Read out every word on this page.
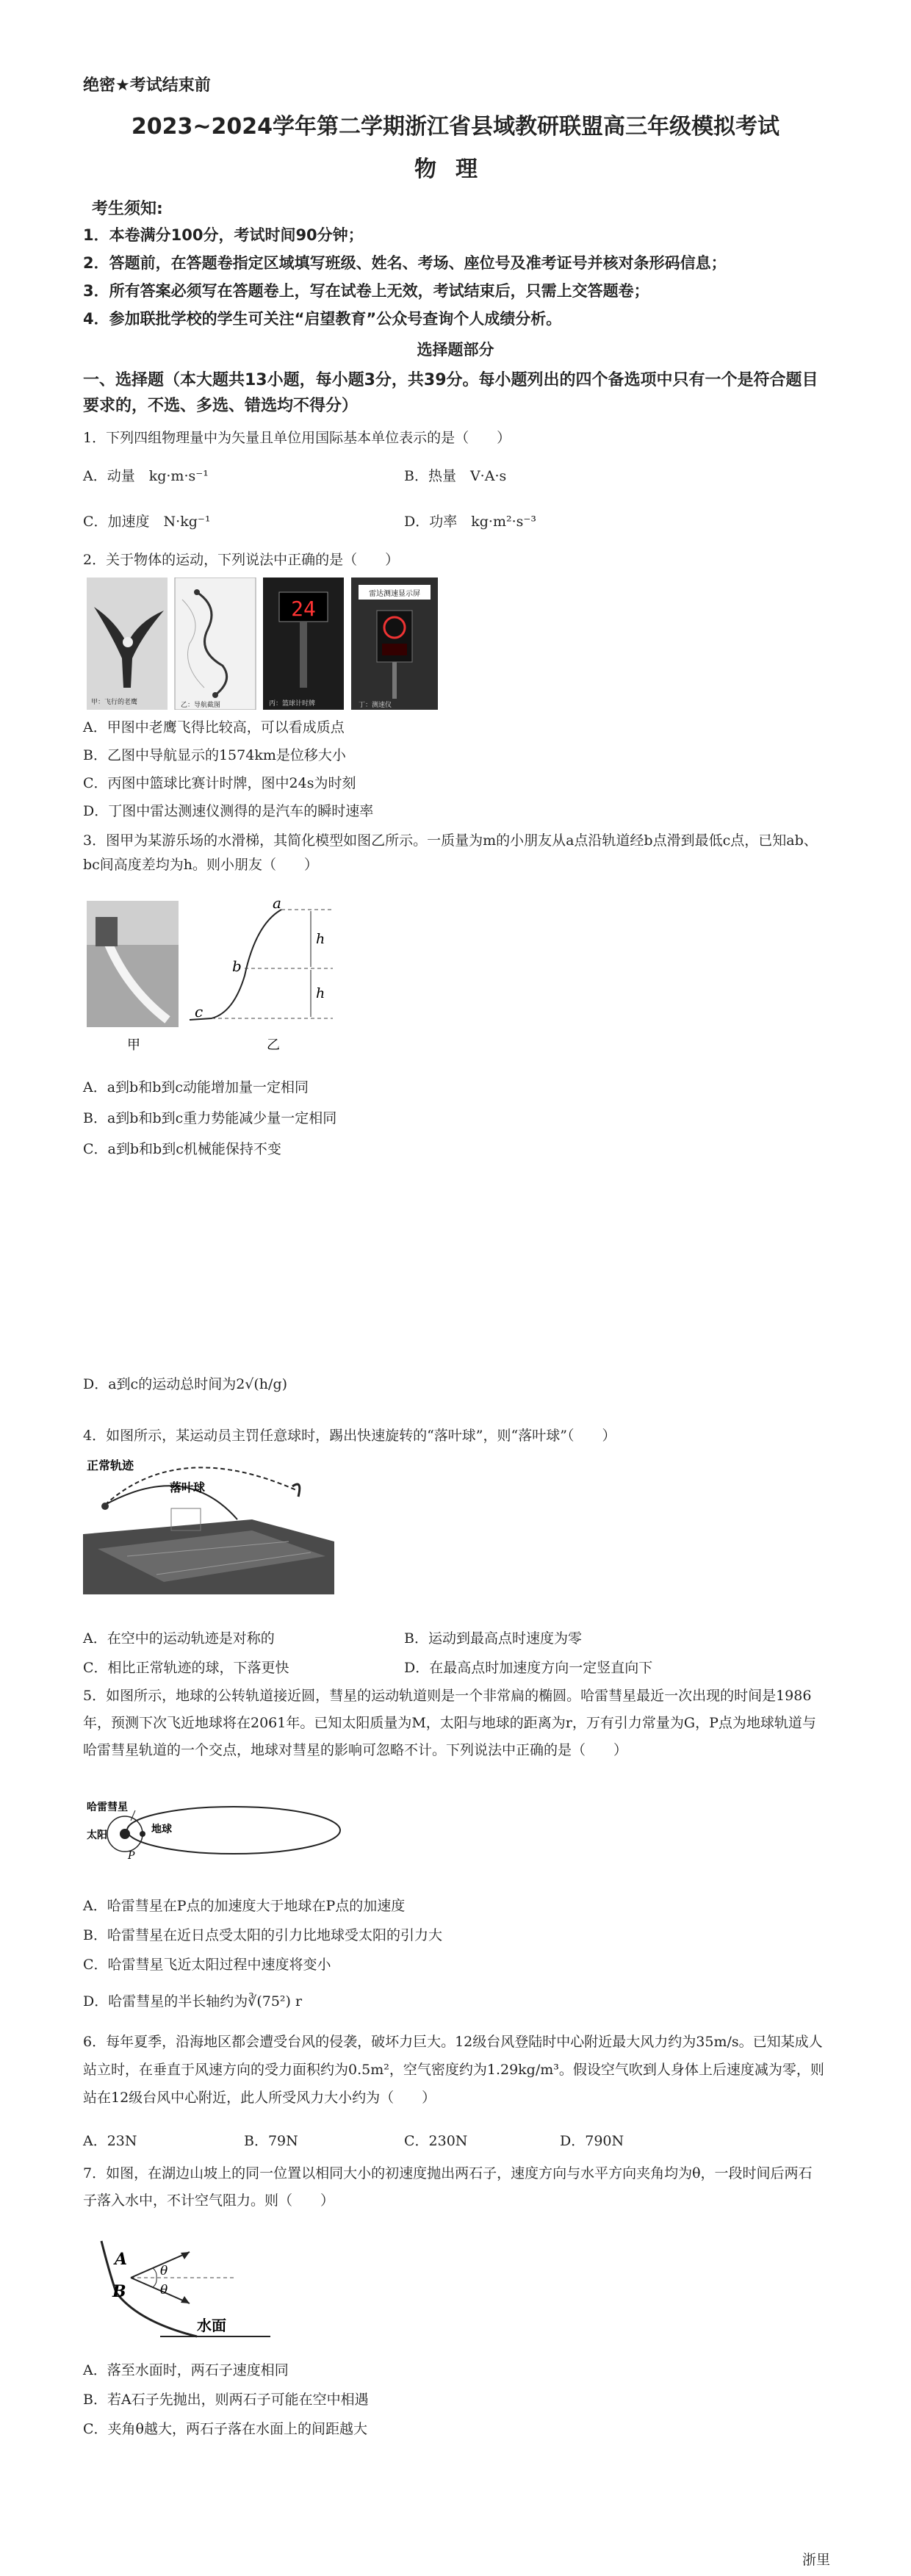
绝密★考试结束前
2023~2024学年第二学期浙江省县域教研联盟高三年级模拟考试
物理
考生须知:
1．本卷满分100分，考试时间90分钟；
2．答题前，在答题卷指定区域填写班级、姓名、考场、座位号及准考证号并核对条形码信息；
3．所有答案必须写在答题卷上，写在试卷上无效，考试结束后，只需上交答题卷；
4．参加联批学校的学生可关注“启望教育”公众号查询个人成绩分析。
选择题部分
一、选择题（本大题共13小题，每小题3分，共39分。每小题列出的四个备选项中只有一个是符合题目要求的，不选、多选、错选均不得分）
1．下列四组物理量中为矢量且单位用国际基本单位表示的是（　　）
A．动量　kg·m·s⁻¹	B．热量　V·A·s
C．加速度　N·kg⁻¹	D．功率　kg·m²·s⁻³
2．关于物体的运动，下列说法中正确的是（　　）
甲：飞行的老鹰	乙：导航截图
24
丙：篮球计时牌
雷达测速显示屏
丁：测速仪
A．甲图中老鹰飞得比较高，可以看成质点
B．乙图中导航显示的1574km是位移大小
C．丙图中篮球比赛计时牌，图中24s为时刻
D．丁图中雷达测速仪测得的是汽车的瞬时速率
3．图甲为某游乐场的水滑梯，其简化模型如图乙所示。一质量为m的小朋友从a点沿轨道经b点滑到最低c点，已知ab、bc间高度差均为h。则小朋友（　　）
a
b
c
h
h
甲	乙
A．a到b和b到c动能增加量一定相同
B．a到b和b到c重力势能减少量一定相同
C．a到b和b到c机械能保持不变
D．a到c的运动总时间为2√(h/g)
4．如图所示，某运动员主罚任意球时，踢出快速旋转的“落叶球”，则“落叶球”（　　）
正常轨迹
落叶球
A．在空中的运动轨迹是对称的	B．运动到最高点时速度为零
C．相比正常轨迹的球，下落更快	D．在最高点时加速度方向一定竖直向下
5．如图所示，地球的公转轨道接近圆，彗星的运动轨道则是一个非常扁的椭圆。哈雷彗星最近一次出现的时间是1986年，预测下次飞近地球将在2061年。已知太阳质量为M，太阳与地球的距离为r，万有引力常量为G，P点为地球轨道与哈雷彗星轨道的一个交点，地球对彗星的影响可忽略不计。下列说法中正确的是（　　）
哈雷彗星
太阳	地球
P
A．哈雷彗星在P点的加速度大于地球在P点的加速度
B．哈雷彗星在近日点受太阳的引力比地球受太阳的引力大
C．哈雷彗星飞近太阳过程中速度将变小
D．哈雷彗星的半长轴约为∛(75²) r
6．每年夏季，沿海地区都会遭受台风的侵袭，破坏力巨大。12级台风登陆时中心附近最大风力约为35m/s。已知某成人站立时，在垂直于风速方向的受力面积约为0.5m²，空气密度约为1.29kg/m³。假设空气吹到人身体上后速度减为零，则站在12级台风中心附近，此人所受风力大小约为（　　）
A．23N	B．79N	C．230N	D．790N
7．如图，在湖边山坡上的同一位置以相同大小的初速度抛出两石子，速度方向与水平方向夹角均为θ，一段时间后两石子落入水中，不计空气阻力。则（　　）
A
B
θ
θ
水面
A．落至水面时，两石子速度相同
B．若A石子先抛出，则两石子可能在空中相遇
C．夹角θ越大，两石子落在水面上的间距越大
浙里
